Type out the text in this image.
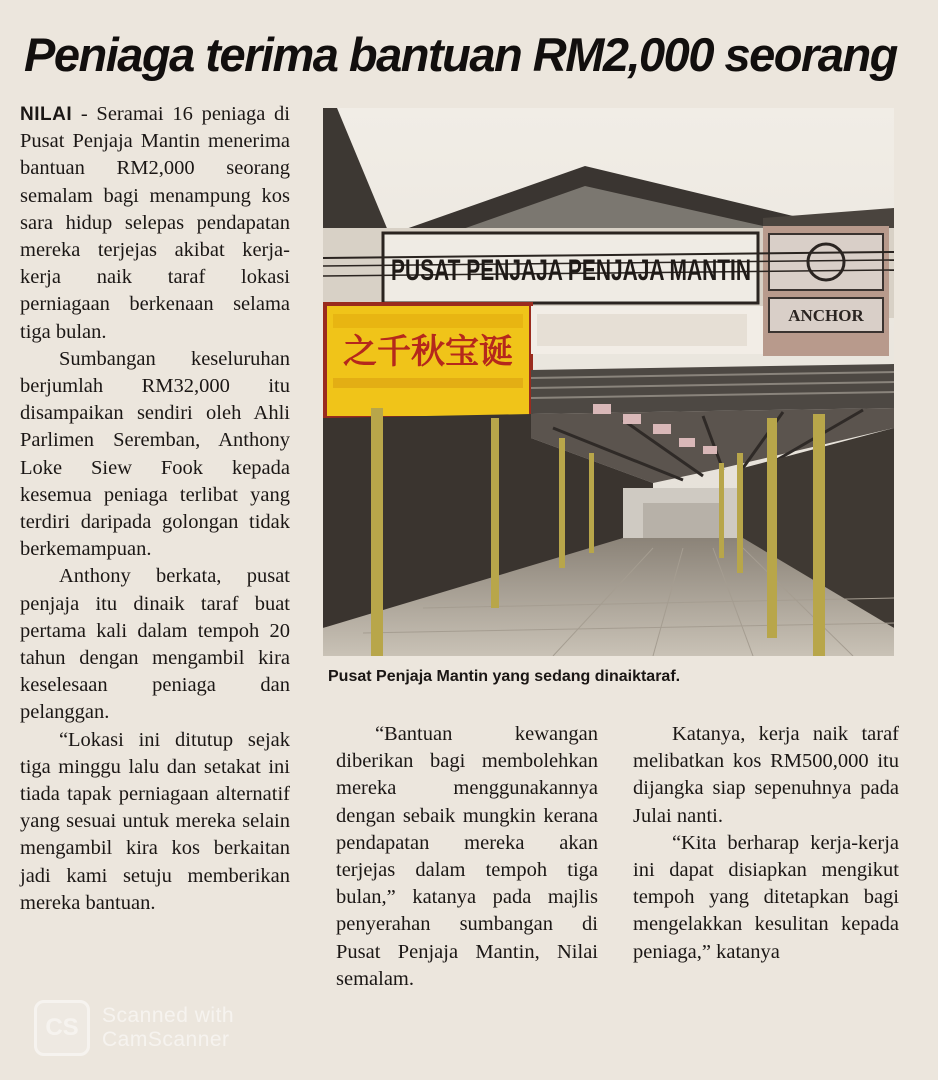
Peniaga terima bantuan RM2,000 seorang

NILAI - Seramai 16 peniaga di Pusat Penjaja Mantin menerima bantuan RM2,000 seorang semalam bagi menampung kos sara hidup selepas pendapatan mereka terjejas akibat kerja-kerja naik taraf lokasi perniagaan berkenaan selama tiga bulan.

Sumbangan keseluruhan berjumlah RM32,000 itu disampaikan sendiri oleh Ahli Parlimen Seremban, Anthony Loke Siew Fook kepada kesemua peniaga terlibat yang terdiri daripada golongan tidak berkemampuan.

Anthony berkata, pusat penjaja itu dinaik taraf buat pertama kali dalam tempoh 20 tahun dengan mengambil kira keselesaan peniaga dan pelanggan.

“Lokasi ini ditutup sejak tiga minggu lalu dan setakat ini tiada tapak perniagaan alternatif yang sesuai untuk mereka selain mengambil kira kos berkaitan jadi kami setuju memberikan mereka bantuan.

PUSAT PENJAJA PENJAJA MANTIN
ANCHOR
之千秋宝诞
Pusat Penjaja Mantin yang sedang dinaiktaraf.

“Bantuan kewangan diberikan bagi membolehkan mereka menggunakannya dengan sebaik mungkin kerana pendapatan mereka akan terjejas dalam tempoh tiga bulan,” katanya pada majlis penyerahan sumbangan di Pusat Penjaja Mantin, Nilai semalam.

Katanya, kerja naik taraf melibatkan kos RM500,000 itu dijangka siap sepenuhnya pada Julai nanti.

“Kita berharap kerja-kerja ini dapat disiapkan mengikut tempoh yang ditetapkan bagi mengelakkan kesulitan kepada peniaga,” katanya

CS	Scanned with
CamScanner
